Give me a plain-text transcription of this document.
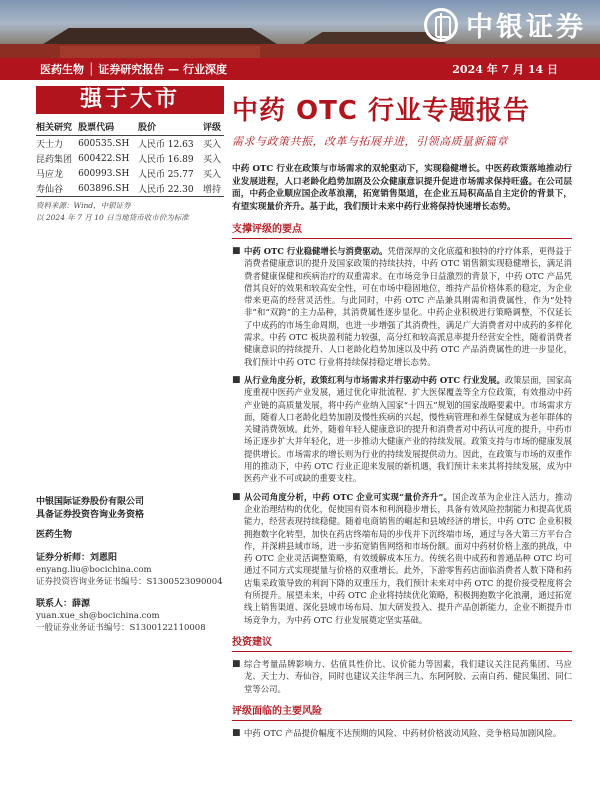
中银证券
医药生物 │ 证券研究报告 — 行业深度	2024 年 7 月 14 日
强于大市
相关研究	股票代码	股价	评级
天士力	600535.SH	人民币 12.63	买入
昆药集团	600422.SH	人民币 16.89	买入
马应龙	600993.SH	人民币 25.77	买入
寿仙谷	603896.SH	人民币 22.30	增持
资料来源：Wind，中银证券
以 2024 年 7 月 10 日当地货币收市价为标准
中银国际证券股份有限公司
具备证券投资咨询业务资格
医药生物
证券分析师：刘恩阳
enyang.liu@bocichina.com
证券投资咨询业务证书编号：S1300523090004
联系人：薛源
yuan.xue_sh@bocichina.com
一般证券业务证书编号：S1300122110008
中药 OTC 行业专题报告
需求与政策共振，改革与拓展并进，引领高质量新篇章
中药 OTC 行业在政策与市场需求的双轮驱动下，实现稳健增长。中医药政策落地推动行业发展进程，人口老龄化趋势加剧及公众健康意识提升促进市场需求保持旺盛。在公司层面，中药企业顺应国企改革浪潮，拓宽销售渠道，在企业五局积高品自主定价的背景下，有望实现量价齐升。基于此，我们预计未来中药行业将保持快速增长态势。
支撑评级的要点
■ 中药 OTC 行业稳健增长与消费驱动。凭借深厚的文化底蕴和独特的疗疗体系，更得益于消费者健康意识的提升及国家政策的持续扶持，中药 OTC 销售额实现稳健增长，满足消费者健康保健和疾病治疗的双重需求。在市场竞争日益激烈的背景下，中药 OTC 产品凭借其良好的效果和较高安全性，可在市场中稳固地位，维持产品价格体系的稳定，为企业带来更高的经营灵活性。与此同时，中药 OTC 产品兼具刚需和消费属性，作为“处特非”和“双跨”的主力品种，其消费属性逐步显化。中药企业积极进行策略调整，不仅延长了中成药的市场生命周期，也进一步增强了其消费性，满足广大消费者对中成药的多样化需求。中药 OTC 板块盈利能力较强，高分红和较高派息率提升经营安全性，随着消费者健康意识的持续提升、人口老龄化趋势加速以及中药 OTC 产品消费属性的进一步显化，我们预计中药 OTC 行业将持续保持稳定增长态势。
■ 从行业角度分析，政策红利与市场需求并行驱动中药 OTC 行业发展。政策层面，国家高度重视中医药产业发展，通过优化审批流程、扩大医保覆盖等全方位政策，有效推动中药产业链的高质量发展，将中药产业纳入国家“十四五”规划的国家战略要素中。市场需求方面，随着人口老龄化趋势加剧及慢性疾病的兴起，慢性病管理和养生保健成为老年群体的关键消费领域。此外，随着年轻人健康意识的提升和消费者对中药认可度的提升，中药市场正逐步扩大并年轻化，进一步推动大健康产业的持续发展。政策支持与市场的健康发展提供增长。市场需求的增长则为行业的持续发展提供动力。因此，在政策与市场的双重作用的推动下，中药 OTC 行业正迎来发展的新机遇，我们预计未来其将持续发展，成为中医药产业不可或缺的重要支柱。
■ 从公司角度分析，中药 OTC 企业可实现“量价齐升”。国企改革为企业注入活力，推动企业治理结构的优化，促使国有资本和利润稳步增长，具备有效风险控制能力和提高优质能力，经营表现持续稳健。随着电商销售的崛起和县域经济的增长，中药 OTC 企业积极拥抱数字化转型，加快在药店终端布局的步伐并下沉终端市场，通过与各大第三方平台合作，并深耕县域市场，进一步拓宽销售网络和市场份额。面对中药材价格上涨的挑战，中药 OTC 企业灵活调整策略，有效缓解成本压力。传统名贵中成药和普通品种 OTC 均可通过不同方式实现提量与价格的双重增长。此外，下游零售药店面临消费者人数下降和药店集采政策导致的利润下降的双重压力，我们预计未来对中药 OTC 的提价接受程度将会有所提升。展望未来，中药 OTC 企业将持续优化策略，积极拥抱数字化浪潮，通过拓宽线上销售渠道、深化县域市场布局、加大研发投入、提升产品创新能力，企业不断提升市场竞争力，为中药 OTC 行业发展奠定坚实基础。
投资建议
■ 综合考量品牌影响力、估值具性价比、议价能力等因素，我们建议关注昆药集团、马应龙、天士力、寿仙谷，同时也建议关注华润三九、东阿阿胶、云南白药、健民集团、同仁堂等公司。
评级面临的主要风险
■ 中药 OTC 产品提价幅度不达预期的风险、中药材价格波动风险、竞争格局加剧风险。
